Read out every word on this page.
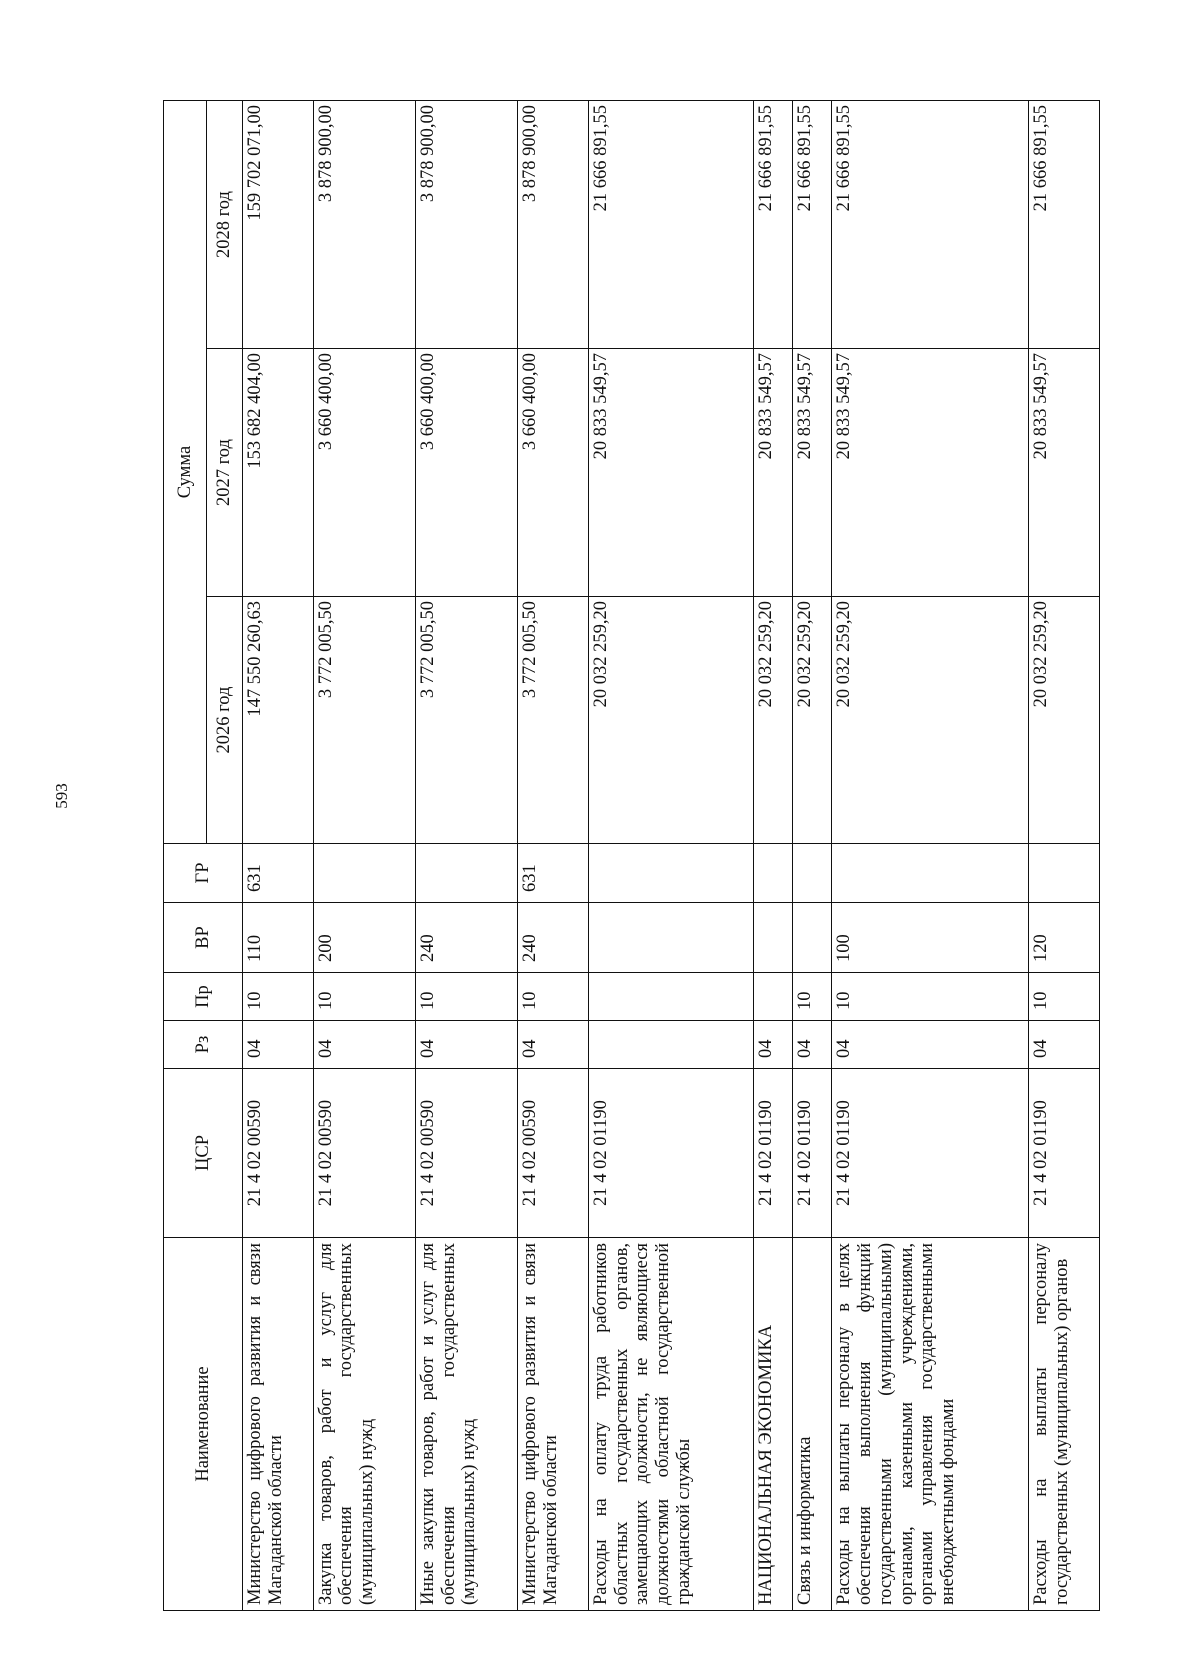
593
Наименование	ЦСР	Рз	Пр	ВР	ГР	Сумма		
						2026 год	2027 год	2028 год
Министерство цифрового развития и связи Магаданской области	21 4 02 00590	04	10	110	631	147 550 260,63	153 682 404,00	159 702 071,00
Закупка товаров, работ и услуг для обеспечения государственных (муниципальных) нужд	21 4 02 00590	04	10	200		3 772 005,50	3 660 400,00	3 878 900,00
Иные закупки товаров, работ и услуг для обеспечения государственных (муниципальных) нужд	21 4 02 00590	04	10	240		3 772 005,50	3 660 400,00	3 878 900,00
Министерство цифрового развития и связи Магаданской области	21 4 02 00590	04	10	240	631	3 772 005,50	3 660 400,00	3 878 900,00
Расходы на оплату труда работников областных государственных органов, замещающих должности, не являющиеся должностями областной государственной гражданской службы	21 4 02 01190					20 032 259,20	20 833 549,57	21 666 891,55
НАЦИОНАЛЬНАЯ ЭКОНОМИКА	21 4 02 01190	04				20 032 259,20	20 833 549,57	21 666 891,55
Связь и информатика	21 4 02 01190	04	10			20 032 259,20	20 833 549,57	21 666 891,55
Расходы на выплаты персоналу в целях обеспечения выполнения функций государственными (муниципальными) органами, казенными учреждениями, органами управления государственными внебюджетными фондами	21 4 02 01190	04	10	100		20 032 259,20	20 833 549,57	21 666 891,55
Расходы на выплаты персоналу государственных (муниципальных) органов	21 4 02 01190	04	10	120		20 032 259,20	20 833 549,57	21 666 891,55
